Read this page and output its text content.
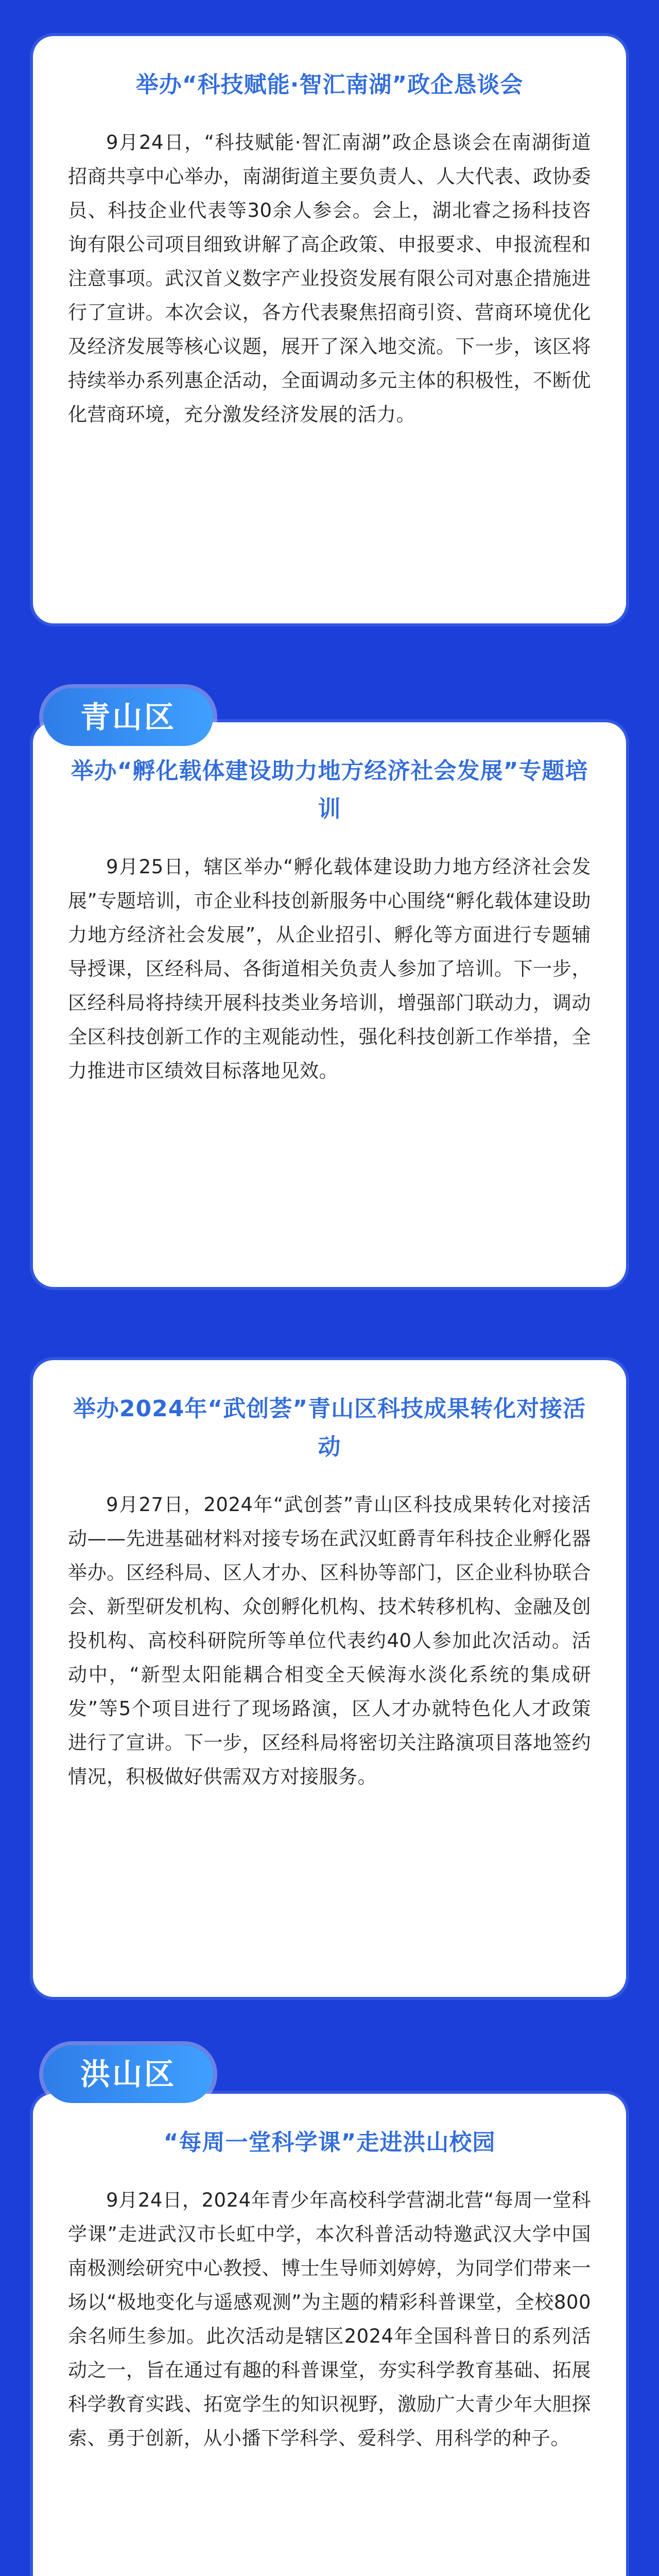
举办“科技赋能·智汇南湖”政企恳谈会

9月24日，“科技赋能·智汇南湖”政企恳谈会在南湖街道招商共享中心举办，南湖街道主要负责人、人大代表、政协委员、科技企业代表等30余人参会。会上，湖北睿之扬科技咨询有限公司项目细致讲解了高企政策、申报要求、申报流程和注意事项。武汉首义数字产业投资发展有限公司对惠企措施进行了宣讲。本次会议，各方代表聚焦招商引资、营商环境优化及经济发展等核心议题，展开了深入地交流。下一步，该区将持续举办系列惠企活动，全面调动多元主体的积极性，不断优化营商环境，充分激发经济发展的活力。

青山区
举办“孵化载体建设助力地方经济社会发展”专题培训

9月25日，辖区举办“孵化载体建设助力地方经济社会发展”专题培训，市企业科技创新服务中心围绕“孵化载体建设助力地方经济社会发展”，从企业招引、孵化等方面进行专题辅导授课，区经科局、各街道相关负责人参加了培训。下一步，区经科局将持续开展科技类业务培训，增强部门联动力，调动全区科技创新工作的主观能动性，强化科技创新工作举措，全力推进市区绩效目标落地见效。

举办2024年“武创荟”青山区科技成果转化对接活动

9月27日，2024年“武创荟”青山区科技成果转化对接活动——先进基础材料对接专场在武汉虹爵青年科技企业孵化器举办。区经科局、区人才办、区科协等部门，区企业科协联合会、新型研发机构、众创孵化机构、技术转移机构、金融及创投机构、高校科研院所等单位代表约40人参加此次活动。活动中，“新型太阳能耦合相变全天候海水淡化系统的集成研发”等5个项目进行了现场路演，区人才办就特色化人才政策进行了宣讲。下一步，区经科局将密切关注路演项目落地签约情况，积极做好供需双方对接服务。

洪山区
“每周一堂科学课”走进洪山校园

9月24日，2024年青少年高校科学营湖北营“每周一堂科学课”走进武汉市长虹中学，本次科普活动特邀武汉大学中国南极测绘研究中心教授、博士生导师刘婷婷，为同学们带来一场以“极地变化与遥感观测”为主题的精彩科普课堂，全校800余名师生参加。此次活动是辖区2024年全国科普日的系列活动之一，旨在通过有趣的科普课堂，夯实科学教育基础、拓展科学教育实践、拓宽学生的知识视野，激励广大青少年大胆探索、勇于创新，从小播下学科学、爱科学、用科学的种子。
